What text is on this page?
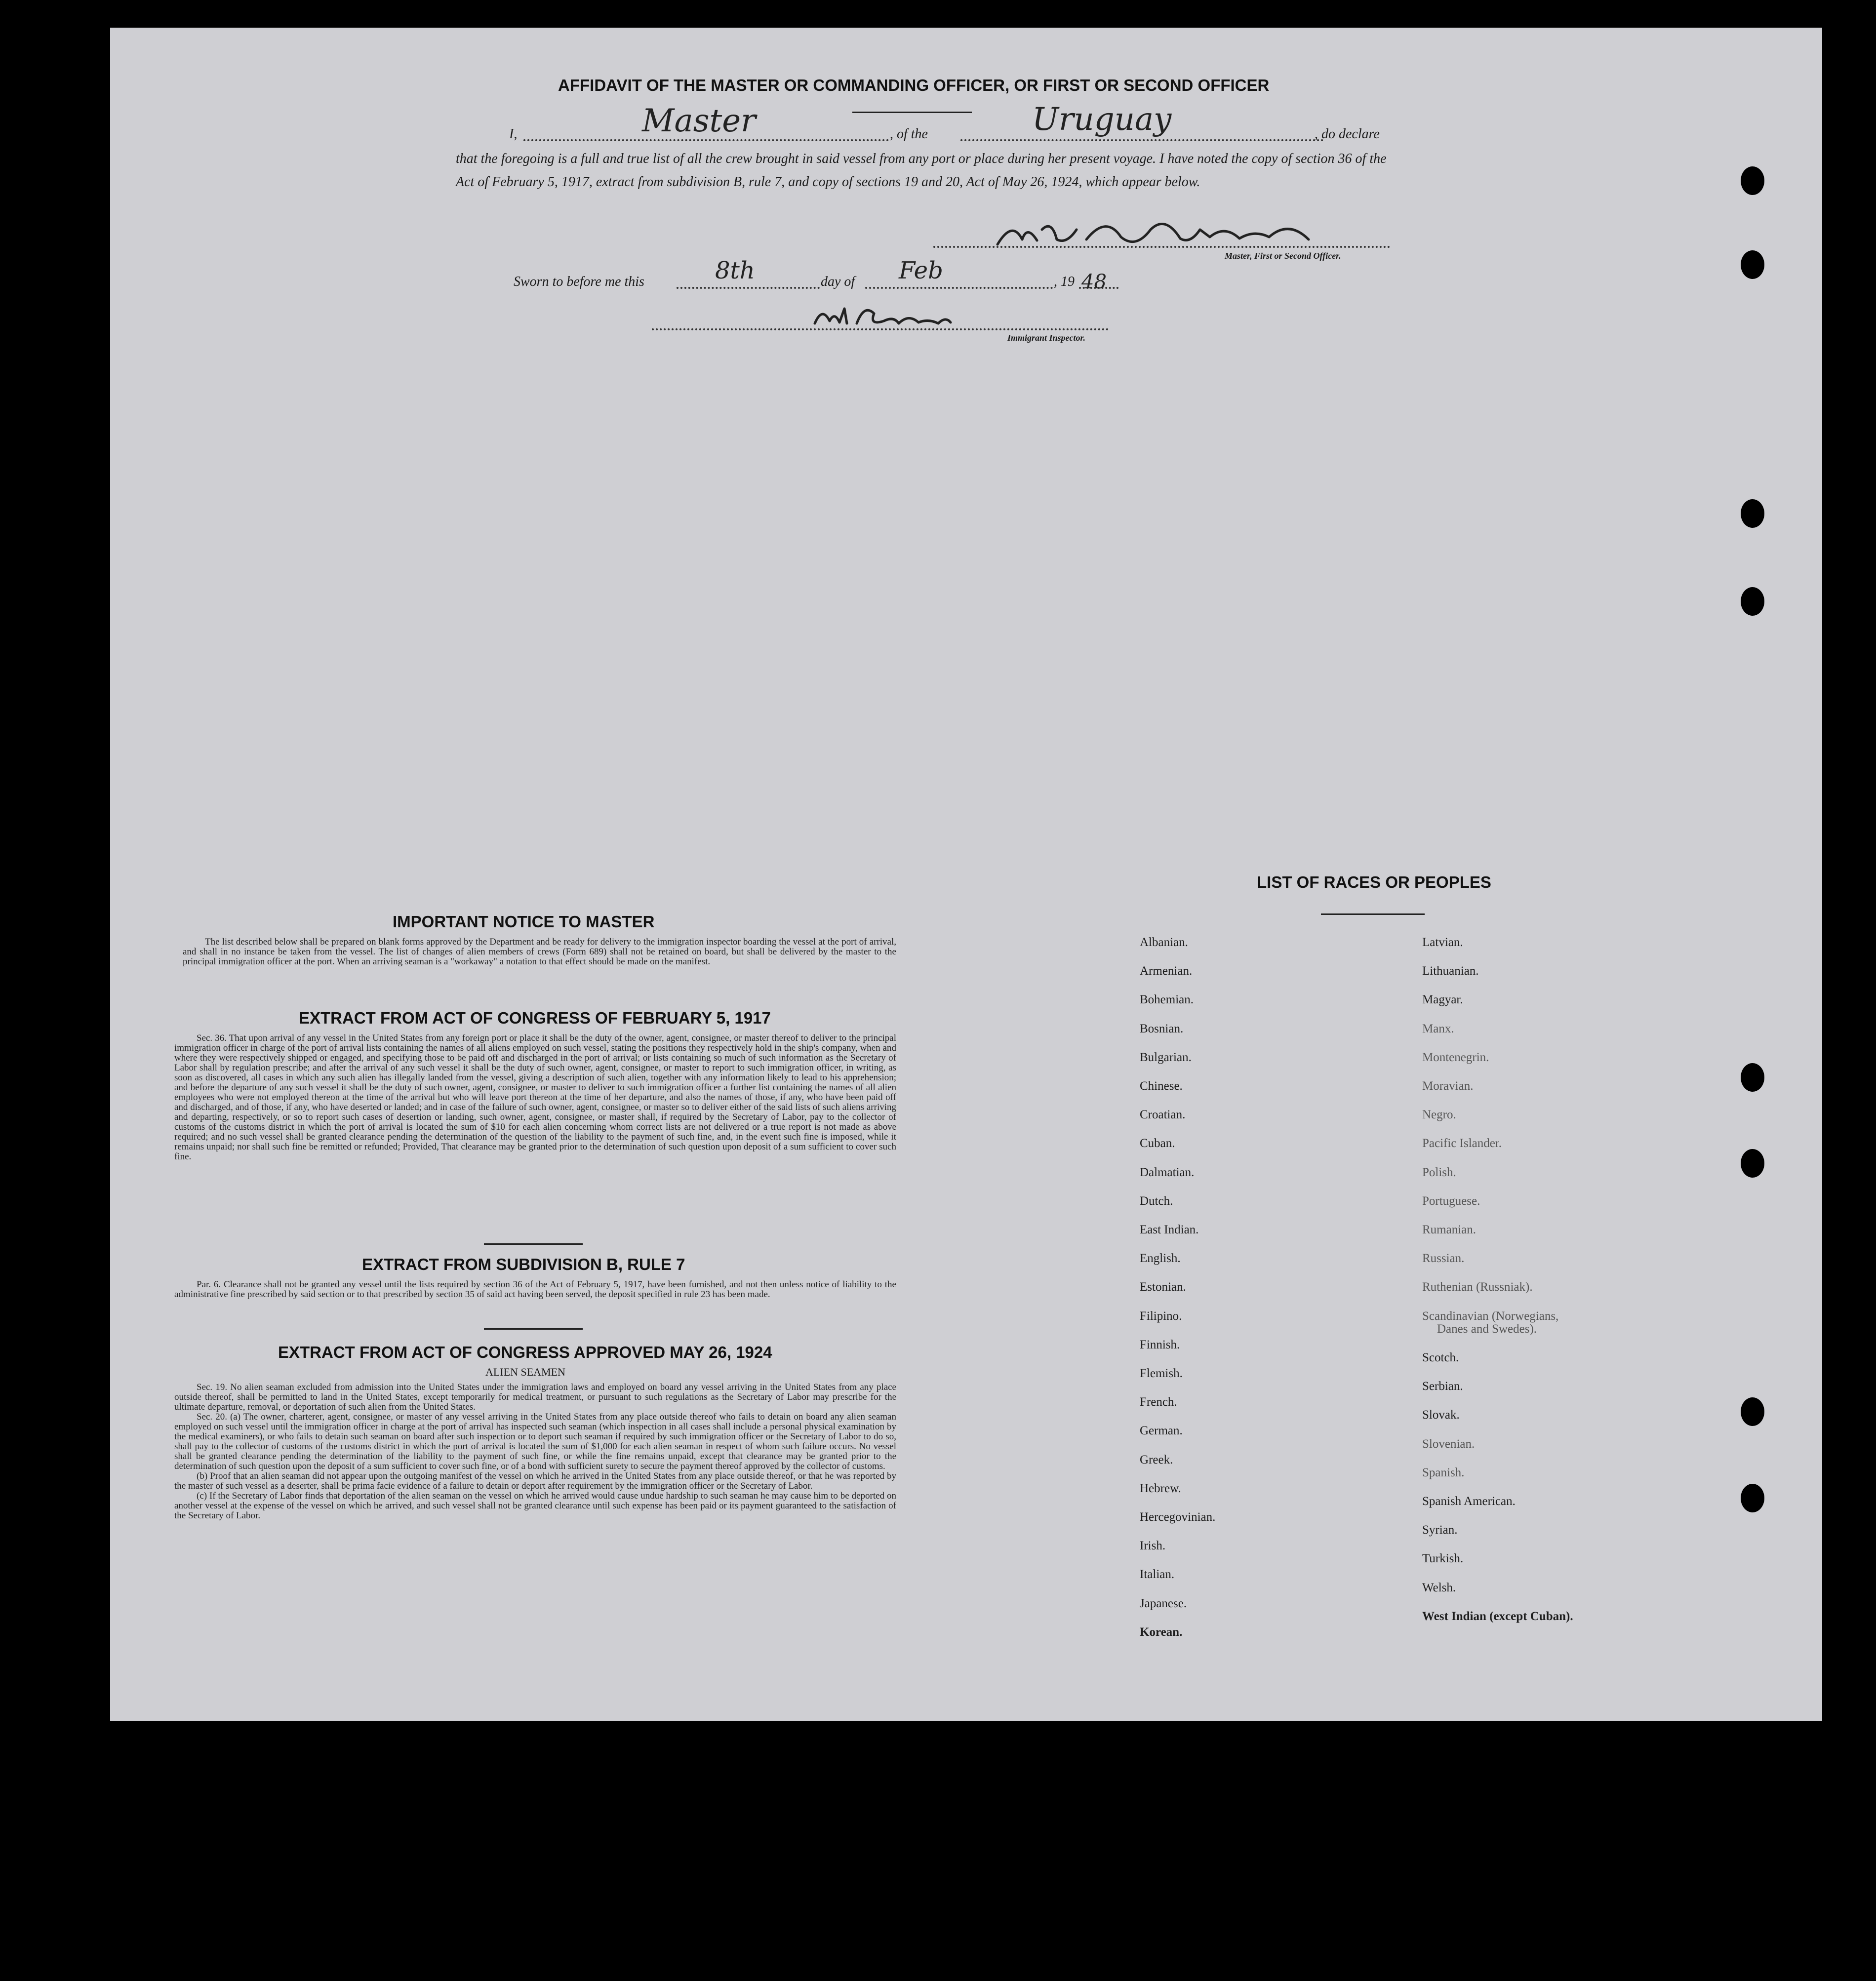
AFFIDAVIT OF THE MASTER OR COMMANDING OFFICER, OR FIRST OR SECOND OFFICER
I,	Master	, of the	Uruguay	, do declare
that the foregoing is a full and true list of all the crew brought in said vessel from any port or place during her present voyage. I have noted the copy of section 36 of the Act of February 5, 1917, extract from subdivision B, rule 7, and copy of sections 19 and 20, Act of May 26, 1924, which appear below.
Master, First or Second Officer.
Sworn to before me this	8th	day of Feb	, 19 48
Immigrant Inspector.
IMPORTANT NOTICE TO MASTER
The list described below shall be prepared on blank forms approved by the Department and be ready for delivery to the immigration inspector boarding the vessel at the port of arrival, and shall in no instance be taken from the vessel. The list of changes of alien members of crews (Form 689) shall not be retained on board, but shall be delivered by the master to the principal immigration officer at the port. When an arriving seaman is a "workaway" a notation to that effect should be made on the manifest.
EXTRACT FROM ACT OF CONGRESS OF FEBRUARY 5, 1917
Sec. 36. That upon arrival of any vessel in the United States from any foreign port or place it shall be the duty of the owner, agent, consignee, or master thereof to deliver to the principal immigration officer in charge of the port of arrival lists containing the names of all aliens employed on such vessel, stating the positions they respectively hold in the ship's company, when and where they were respectively shipped or engaged, and specifying those to be paid off and discharged in the port of arrival; or lists containing so much of such information as the Secretary of Labor shall by regulation prescribe; and after the arrival of any such vessel it shall be the duty of such owner, agent, consignee, or master to report to such immigration officer, in writing, as soon as discovered, all cases in which any such alien has illegally landed from the vessel, giving a description of such alien, together with any information likely to lead to his apprehension; and before the departure of any such vessel it shall be the duty of such owner, agent, consignee, or master to deliver to such immigration officer a further list containing the names of all alien employees who were not employed thereon at the time of the arrival but who will leave port thereon at the time of her departure, and also the names of those, if any, who have been paid off and discharged, and of those, if any, who have deserted or landed; and in case of the failure of such owner, agent, consignee, or master so to deliver either of the said lists of such aliens arriving and departing, respectively, or so to report such cases of desertion or landing, such owner, agent, consignee, or master shall, if required by the Secretary of Labor, pay to the collector of customs of the customs district in which the port of arrival is located the sum of $10 for each alien concerning whom correct lists are not delivered or a true report is not made as above required; and no such vessel shall be granted clearance pending the determination of the question of the liability to the payment of such fine, and, in the event such fine is imposed, while it remains unpaid; nor shall such fine be remitted or refunded; Provided, That clearance may be granted prior to the determination of such question upon deposit of a sum sufficient to cover such fine.
EXTRACT FROM SUBDIVISION B, RULE 7
Par. 6. Clearance shall not be granted any vessel until the lists required by section 36 of the Act of February 5, 1917, have been furnished, and not then unless notice of liability to the administrative fine prescribed by said section or to that prescribed by section 35 of said act having been served, the deposit specified in rule 23 has been made.
EXTRACT FROM ACT OF CONGRESS APPROVED MAY 26, 1924
ALIEN SEAMEN
Sec. 19. No alien seaman excluded from admission into the United States under the immigration laws and employed on board any vessel arriving in the United States from any place outside thereof, shall be permitted to land in the United States, except temporarily for medical treatment, or pursuant to such regulations as the Secretary of Labor may prescribe for the ultimate departure, removal, or deportation of such alien from the United States.
Sec. 20. (a) The owner, charterer, agent, consignee, or master of any vessel arriving in the United States from any place outside thereof who fails to detain on board any alien seaman employed on such vessel until the immigration officer in charge at the port of arrival has inspected such seaman (which inspection in all cases shall include a personal physical examination by the medical examiners), or who fails to detain such seaman on board after such inspection or to deport such seaman if required by such immigration officer or the Secretary of Labor to do so, shall pay to the collector of customs of the customs district in which the port of arrival is located the sum of $1,000 for each alien seaman in respect of whom such failure occurs. No vessel shall be granted clearance pending the determination of the liability to the payment of such fine, or while the fine remains unpaid, except that clearance may be granted prior to the determination of such question upon the deposit of a sum sufficient to cover such fine, or of a bond with sufficient surety to secure the payment thereof approved by the collector of customs.
(b) Proof that an alien seaman did not appear upon the outgoing manifest of the vessel on which he arrived in the United States from any place outside thereof, or that he was reported by the master of such vessel as a deserter, shall be prima facie evidence of a failure to detain or deport after requirement by the immigration officer or the Secretary of Labor.
(c) If the Secretary of Labor finds that deportation of the alien seaman on the vessel on which he arrived would cause undue hardship to such seaman he may cause him to be deported on another vessel at the expense of the vessel on which he arrived, and such vessel shall not be granted clearance until such expense has been paid or its payment guaranteed to the satisfaction of the Secretary of Labor.
LIST OF RACES OR PEOPLES
Albanian.
Armenian.
Bohemian.
Bosnian.
Bulgarian.
Chinese.
Croatian.
Cuban.
Dalmatian.
Dutch.
East Indian.
English.
Estonian.
Filipino.
Finnish.
Flemish.
French.
German.
Greek.
Hebrew.
Hercegovinian.
Irish.
Italian.
Japanese.
Korean.
Latvian.
Lithuanian.
Magyar.
Manx.
Montenegrin.
Moravian.
Negro.
Pacific Islander.
Polish.
Portuguese.
Rumanian.
Russian.
Ruthenian (Russniak).
Scandinavian (Norwegians,
Danes and Swedes).
Scotch.
Serbian.
Slovak.
Slovenian.
Spanish.
Spanish American.
Syrian.
Turkish.
Welsh.
West Indian (except Cuban).
